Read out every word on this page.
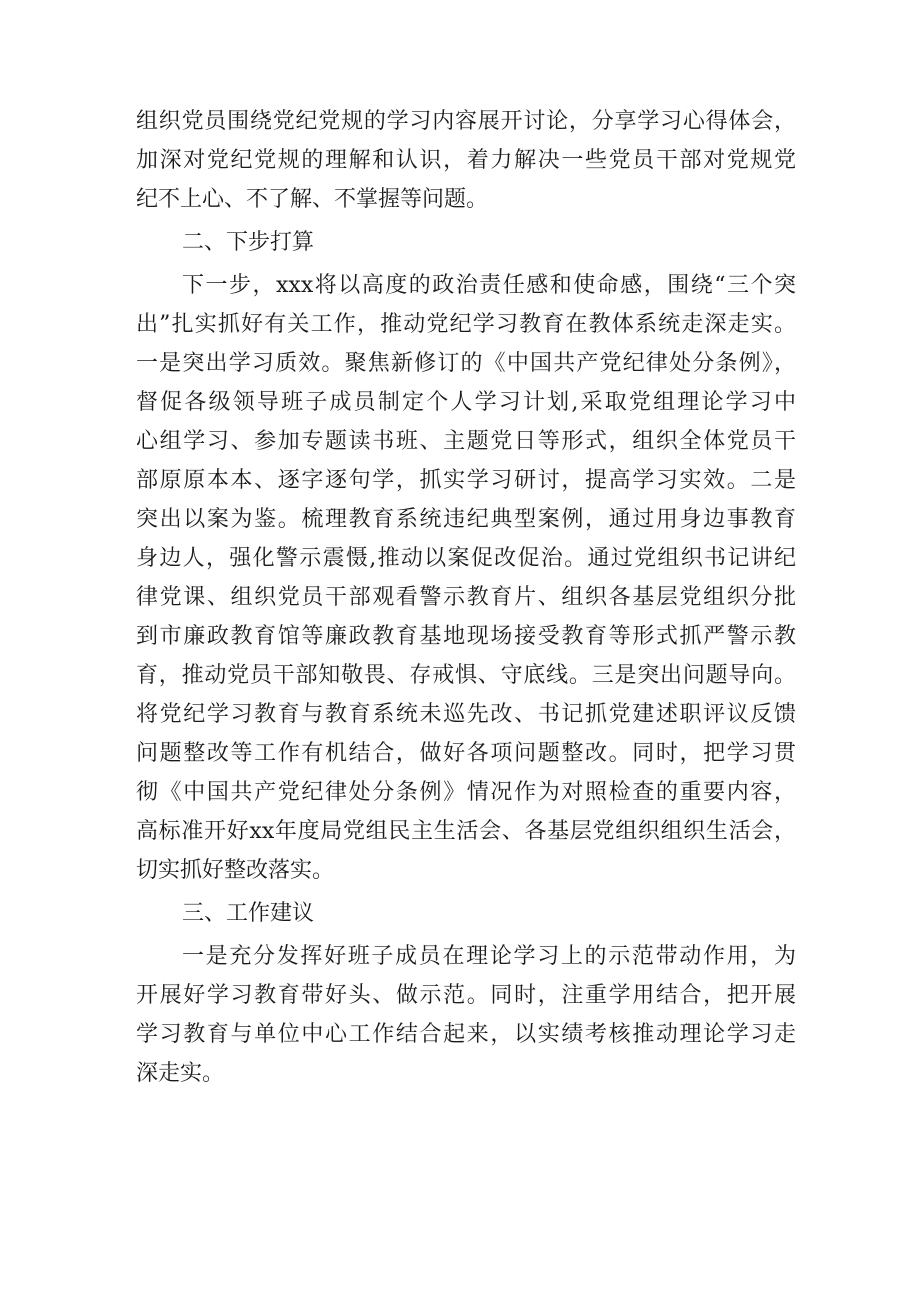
组织党员围绕党纪党规的学习内容展开讨论，分享学习心得体会，
加深对党纪党规的理解和认识，着力解决一些党员干部对党规党
纪不上心、不了解、不掌握等问题。
二、下步打算
下一步，xxx将以高度的政治责任感和使命感，围绕“三个突
出”扎实抓好有关工作，推动党纪学习教育在教体系统走深走实。
一是突出学习质效。聚焦新修订的《中国共产党纪律处分条例》，
督促各级领导班子成员制定个人学习计划,采取党组理论学习中
心组学习、参加专题读书班、主题党日等形式，组织全体党员干
部原原本本、逐字逐句学，抓实学习研讨，提高学习实效。二是
突出以案为鉴。梳理教育系统违纪典型案例，通过用身边事教育
身边人，强化警示震慑,推动以案促改促治。通过党组织书记讲纪
律党课、组织党员干部观看警示教育片、组织各基层党组织分批
到市廉政教育馆等廉政教育基地现场接受教育等形式抓严警示教
育，推动党员干部知敬畏、存戒惧、守底线。三是突出问题导向。
将党纪学习教育与教育系统未巡先改、书记抓党建述职评议反馈
问题整改等工作有机结合，做好各项问题整改。同时，把学习贯
彻《中国共产党纪律处分条例》情况作为对照检查的重要内容，
高标准开好xx年度局党组民主生活会、各基层党组织组织生活会，
切实抓好整改落实。
三、工作建议
一是充分发挥好班子成员在理论学习上的示范带动作用，为
开展好学习教育带好头、做示范。同时，注重学用结合，把开展
学习教育与单位中心工作结合起来，以实绩考核推动理论学习走
深走实。
